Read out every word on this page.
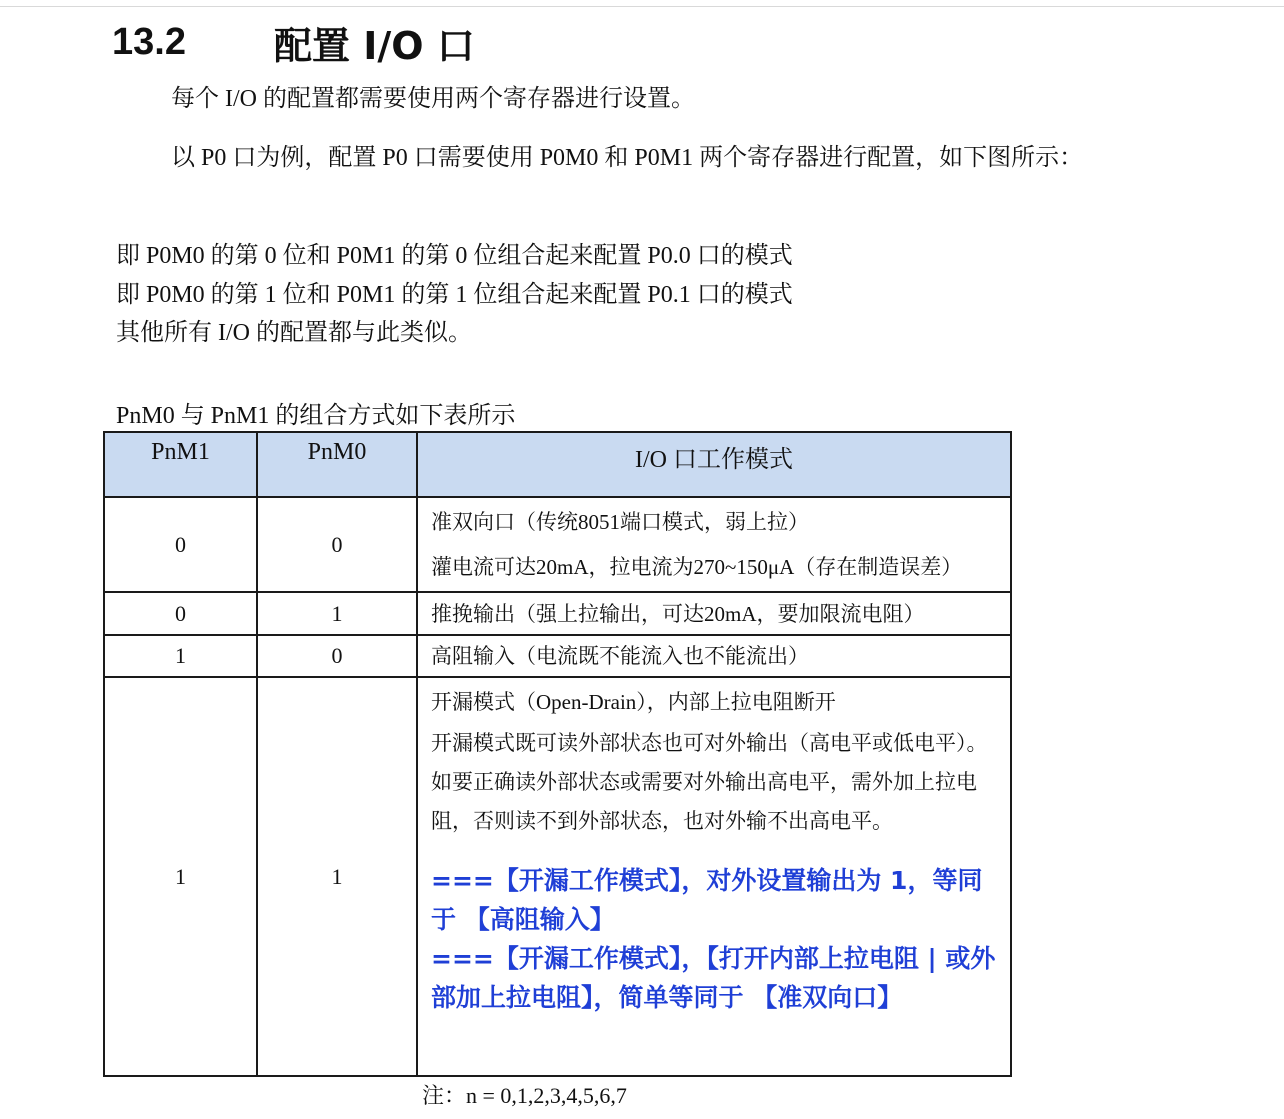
13.2	配置 I/O 口
每个 I/O 的配置都需要使用两个寄存器进行设置。
以 P0 口为例，配置 P0 口需要使用 P0M0 和 P0M1 两个寄存器进行配置，如下图所示：
即 P0M0 的第 0 位和 P0M1 的第 0 位组合起来配置 P0.0 口的模式
即 P0M0 的第 1 位和 P0M1 的第 1 位组合起来配置 P0.1 口的模式
其他所有 I/O 的配置都与此类似。
PnM0 与 PnM1 的组合方式如下表所示
PnM1	PnM0	I/O 口工作模式
0	0	准双向口（传统8051端口模式，弱上拉）
灌电流可达20mA，拉电流为270~150μA（存在制造误差）

0	1	推挽输出（强上拉输出，可达20mA，要加限流电阻）

1	0	高阻输入（电流既不能流入也不能流出）

1	1	开漏模式（Open-Drain），内部上拉电阻断开
开漏模式既可读外部状态也可对外输出（高电平或低电平）。如要正确读外部状态或需要对外输出高电平，需外加上拉电阻，否则读不到外部状态，也对外输不出高电平。
===【开漏工作模式】，对外设置输出为 1，等同于 【高阻输入】
===【开漏工作模式】，【打开内部上拉电阻 | 或外部加上拉电阻】，简单等同于 【准双向口】
注：n = 0,1,2,3,4,5,6,7
